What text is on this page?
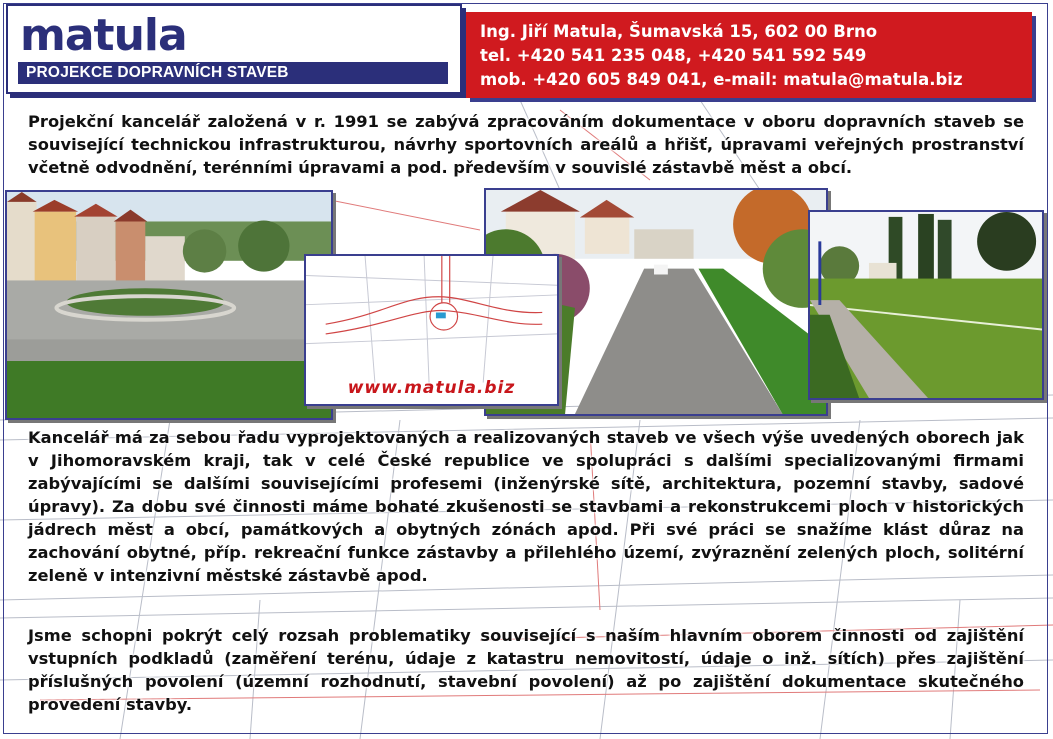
matula
PROJEKCE DOPRAVNÍCH STAVEB
Ing. Jiří Matula, Šumavská 15, 602 00 Brno
tel. +420 541 235 048, +420 541 592 549
mob. +420 605 849 041, e-mail: matula@matula.biz
Projekční kancelář založená v r. 1991 se zabývá zpracováním dokumentace v oboru dopravních staveb se související technickou infrastrukturou, návrhy sportovních areálů a hřišť, úpravami veřejných prostranství včetně odvodnění, terénními úpravami a pod. především v souvislé zástavbě měst a obcí.
www.matula.biz
Kancelář má za sebou řadu vyprojektovaných a realizovaných staveb ve všech výše uvedených oborech jak v Jihomoravském kraji, tak v celé České republice ve spolupráci s dalšími specializovanými firmami zabývajícími se dalšími souvisejícími profesemi (inženýrské sítě, architektura, pozemní stavby, sadové úpravy). Za dobu své činnosti máme bohaté zkušenosti se stavbami a rekonstrukcemi ploch v historických jádrech měst a obcí, památkových a obytných zónách apod. Při své práci se snažíme klást důraz na zachování obytné, příp. rekreační funkce zástavby a přilehlého území, zvýraznění zelených ploch, solitérní zeleně v intenzivní městské zástavbě apod.
Jsme schopni pokrýt celý rozsah problematiky související s naším hlavním oborem činnosti od zajištění vstupních podkladů (zaměření terénu, údaje z katastru nemovitostí, údaje o inž. sítích) přes zajištění příslušných povolení (územní rozhodnutí, stavební povolení) až po zajištění dokumentace skutečného provedení stavby.
